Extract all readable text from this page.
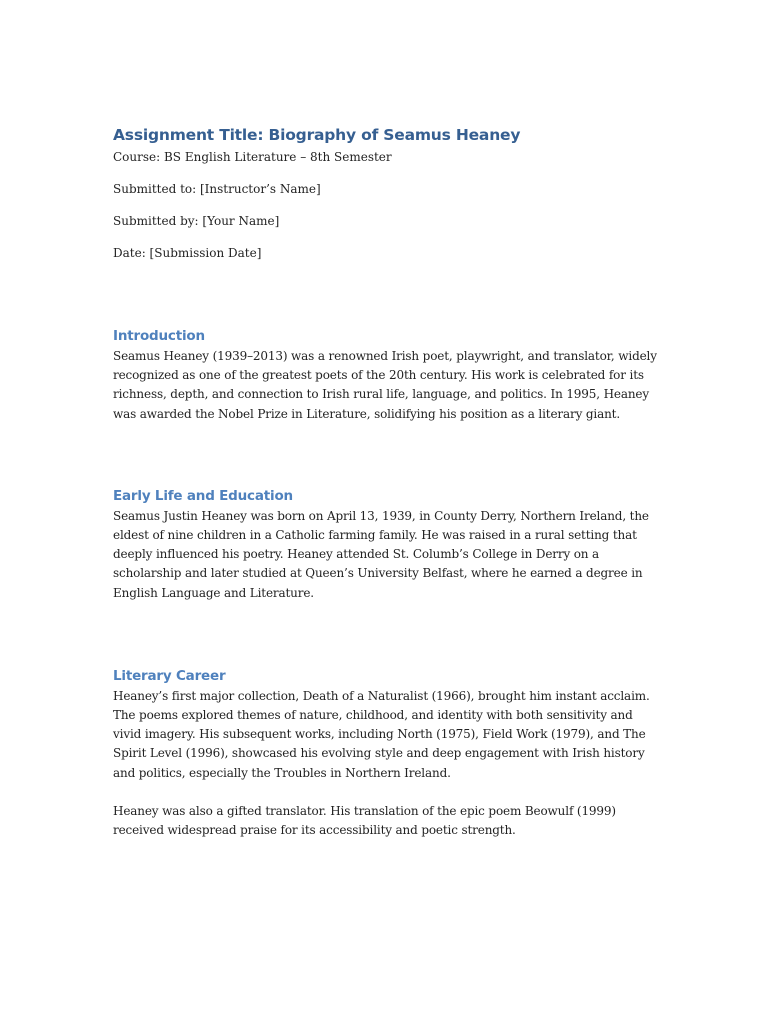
Assignment Title: Biography of Seamus Heaney

Course: BS English Literature – 8th Semester

Submitted to: [Instructor’s Name]

Submitted by: [Your Name]

Date: [Submission Date]

Introduction

Seamus Heaney (1939–2013) was a renowned Irish poet, playwright, and translator, widely recognized as one of the greatest poets of the 20th century. His work is celebrated for its richness, depth, and connection to Irish rural life, language, and politics. In 1995, Heaney was awarded the Nobel Prize in Literature, solidifying his position as a literary giant.

Early Life and Education

Seamus Justin Heaney was born on April 13, 1939, in County Derry, Northern Ireland, the eldest of nine children in a Catholic farming family. He was raised in a rural setting that deeply influenced his poetry. Heaney attended St. Columb’s College in Derry on a scholarship and later studied at Queen’s University Belfast, where he earned a degree in English Language and Literature.

Literary Career

Heaney’s first major collection, Death of a Naturalist (1966), brought him instant acclaim. The poems explored themes of nature, childhood, and identity with both sensitivity and vivid imagery. His subsequent works, including North (1975), Field Work (1979), and The Spirit Level (1996), showcased his evolving style and deep engagement with Irish history and politics, especially the Troubles in Northern Ireland.

Heaney was also a gifted translator. His translation of the epic poem Beowulf (1999) received widespread praise for its accessibility and poetic strength.
